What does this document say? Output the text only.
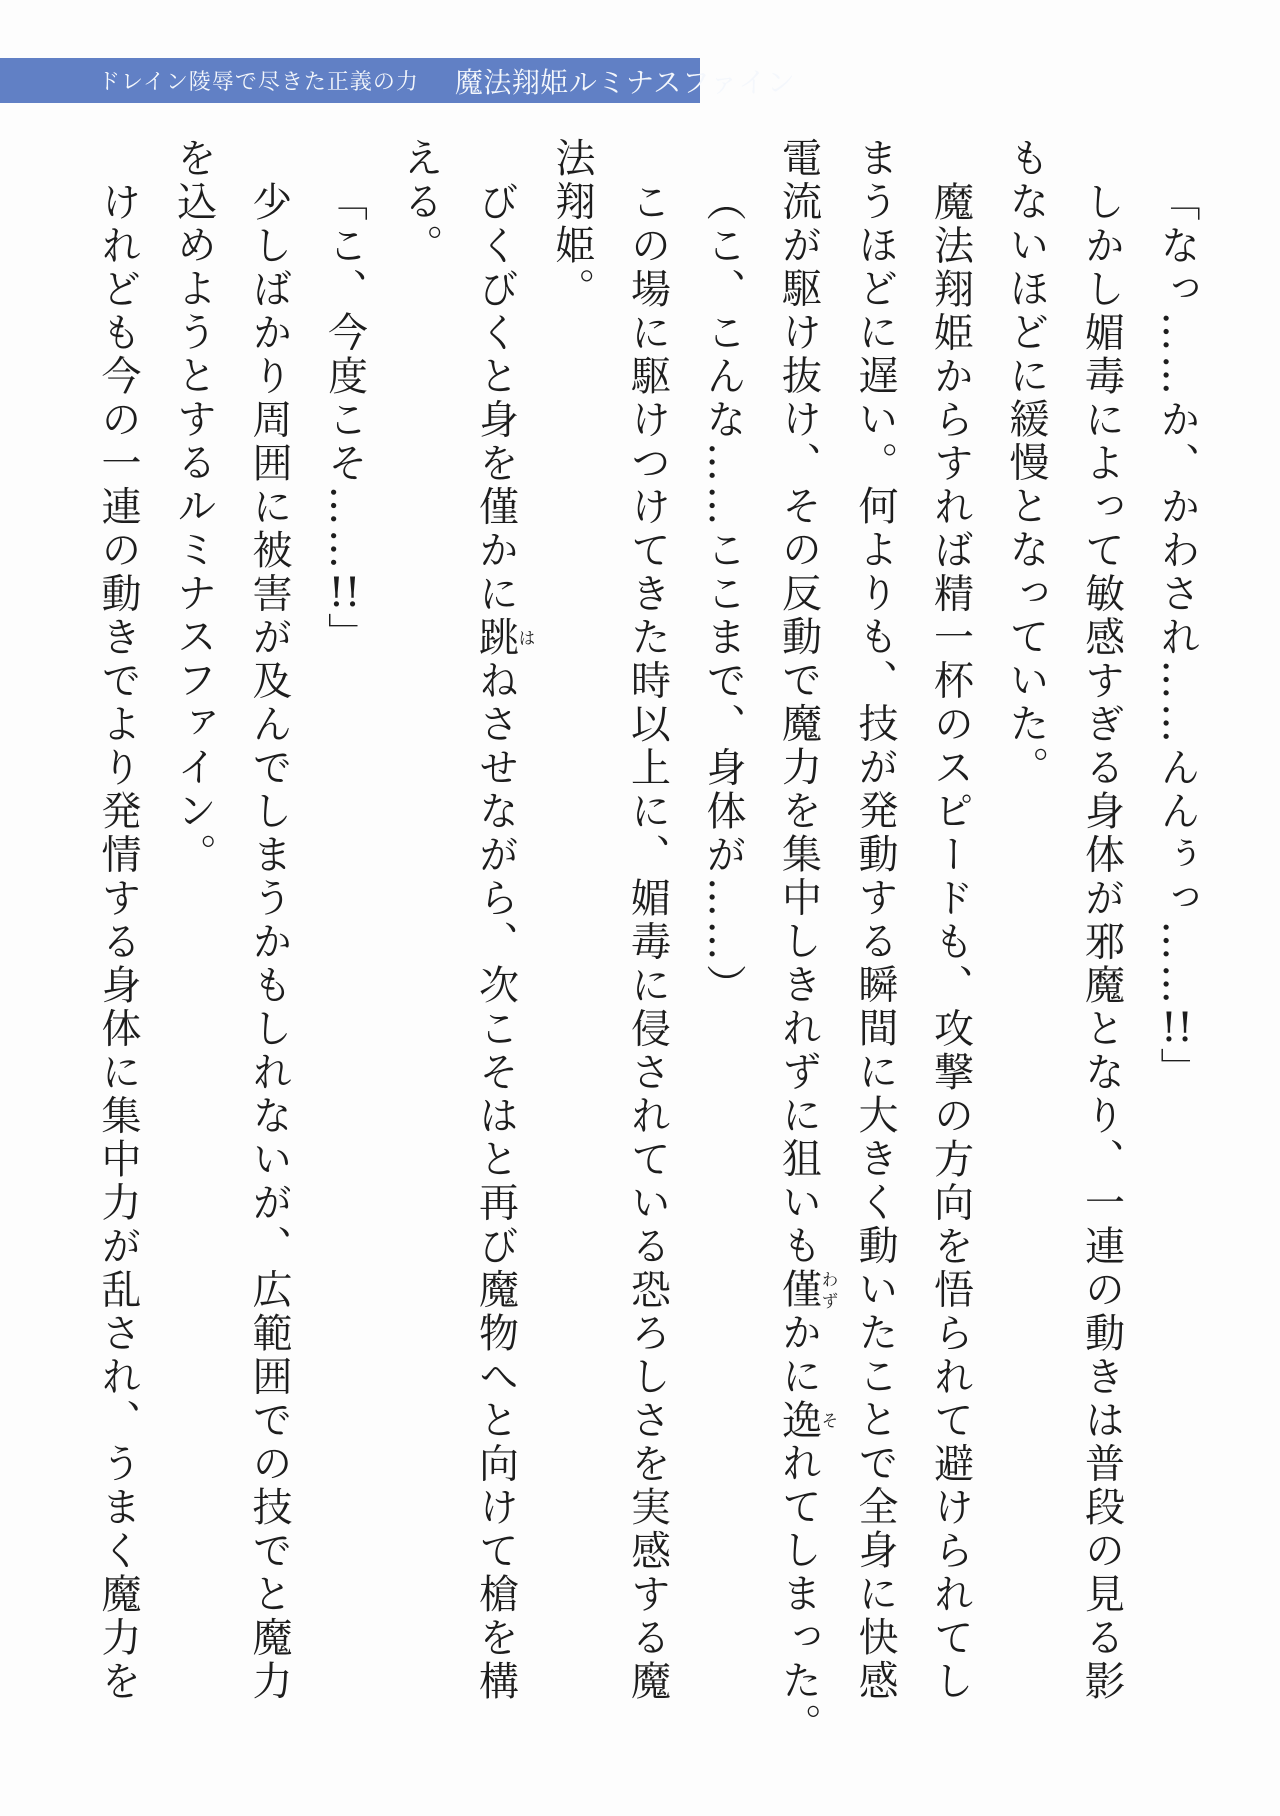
ドレイン陵辱で尽きた正義の力 魔法翔姫ルミナスファイン

「なっ……か、かわされ……んんぅっ……!!」

しかし媚毒によって敏感すぎる身体が邪魔となり、一連の動きは普段の見る影

もないほどに緩慢となっていた。

魔法翔姫からすれば精一杯のスピードも、攻撃の方向を悟られて避けられてし

まうほどに遅い。何よりも、技が発動する瞬間に大きく動いたことで全身に快感

電流が駆け抜け、その反動で魔力を集中しきれずに狙いも僅わずかに逸それてしまった。

（こ、こんな……ここまで、身体が……）

この場に駆けつけてきた時以上に、媚毒に侵されている恐ろしさを実感する魔

法翔姫。

びくびくと身を僅かに跳はねさせながら、次こそはと再び魔物へと向けて槍を構

える。

「こ、今度こそ……!!」

少しばかり周囲に被害が及んでしまうかもしれないが、広範囲での技でと魔力

を込めようとするルミナスファイン。

けれども今の一連の動きでより発情する身体に集中力が乱され、うまく魔力を
